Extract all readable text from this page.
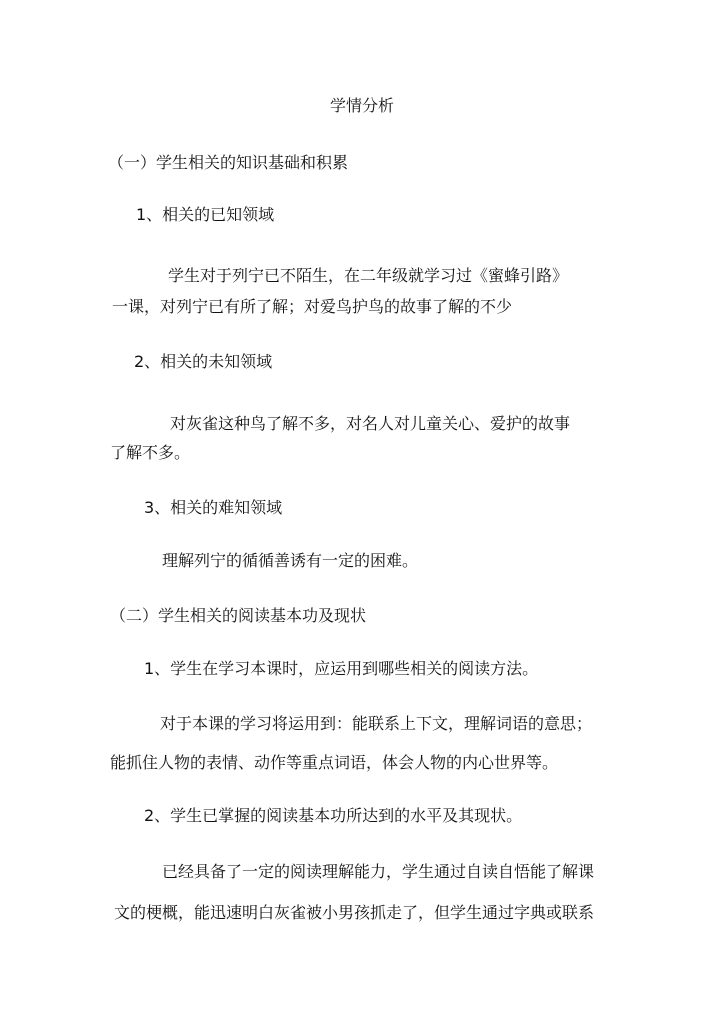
学情分析
（一）学生相关的知识基础和积累
1、相关的已知领域
学生对于列宁已不陌生，在二年级就学习过《蜜蜂引路》
一课，对列宁已有所了解；对爱鸟护鸟的故事了解的不少
2、相关的未知领域
对灰雀这种鸟了解不多，对名人对儿童关心、爱护的故事
了解不多。
3、相关的难知领域
理解列宁的循循善诱有一定的困难。
（二）学生相关的阅读基本功及现状
1、学生在学习本课时，应运用到哪些相关的阅读方法。
对于本课的学习将运用到：能联系上下文，理解词语的意思；
能抓住人物的表情、动作等重点词语，体会人物的内心世界等。
2、学生已掌握的阅读基本功所达到的水平及其现状。
已经具备了一定的阅读理解能力，学生通过自读自悟能了解课
文的梗概，能迅速明白灰雀被小男孩抓走了，但学生通过字典或联系
